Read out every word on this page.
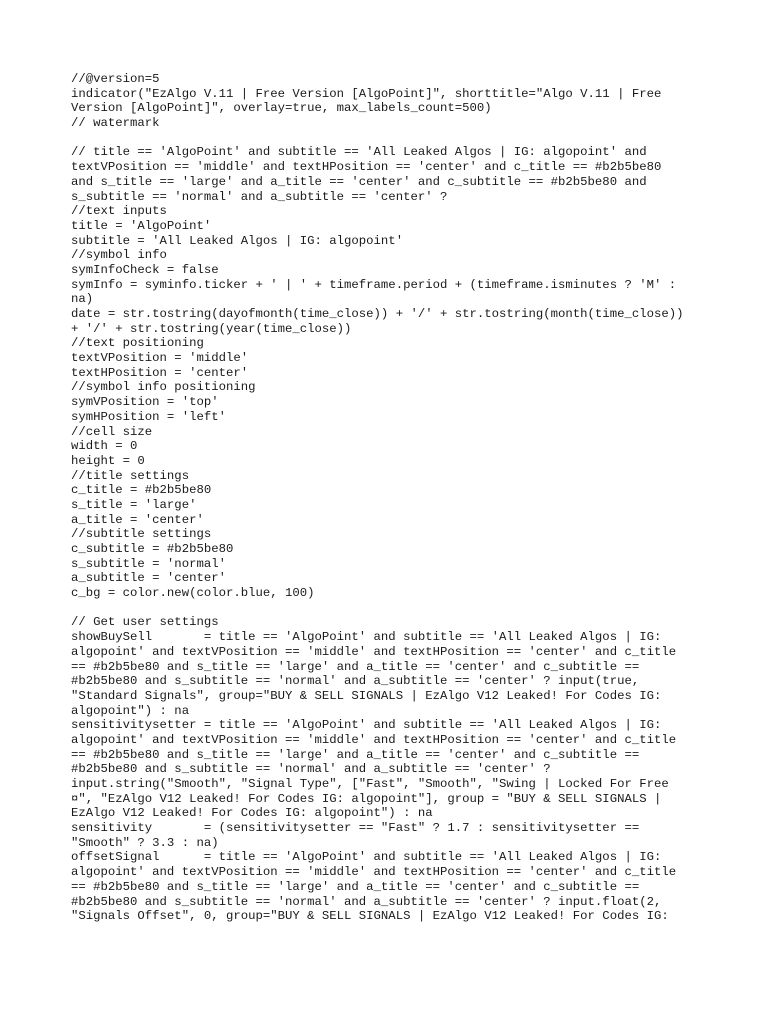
//@version=5
indicator("EzAlgo V.11 | Free Version [AlgoPoint]", shorttitle="Algo V.11 | Free
Version [AlgoPoint]", overlay=true, max_labels_count=500)
// watermark
// title == 'AlgoPoint' and subtitle == 'All Leaked Algos | IG: algopoint' and
textVPosition == 'middle' and textHPosition == 'center' and c_title == #b2b5be80
and s_title == 'large' and a_title == 'center' and c_subtitle == #b2b5be80 and
s_subtitle == 'normal' and a_subtitle == 'center' ?
//text inputs
title = 'AlgoPoint'
subtitle = 'All Leaked Algos | IG: algopoint'
//symbol info
symInfoCheck = false
symInfo = syminfo.ticker + ' | ' + timeframe.period + (timeframe.isminutes ? 'M' :
na)
date = str.tostring(dayofmonth(time_close)) + '/' + str.tostring(month(time_close))
+ '/' + str.tostring(year(time_close))
//text positioning
textVPosition = 'middle'
textHPosition = 'center'
//symbol info positioning
symVPosition = 'top'
symHPosition = 'left'
//cell size
width = 0
height = 0
//title settings
c_title = #b2b5be80
s_title = 'large'
a_title = 'center'
//subtitle settings
c_subtitle = #b2b5be80
s_subtitle = 'normal'
a_subtitle = 'center'
c_bg = color.new(color.blue, 100)
// Get user settings
showBuySell       = title == 'AlgoPoint' and subtitle == 'All Leaked Algos | IG:
algopoint' and textVPosition == 'middle' and textHPosition == 'center' and c_title
== #b2b5be80 and s_title == 'large' and a_title == 'center' and c_subtitle ==
#b2b5be80 and s_subtitle == 'normal' and a_subtitle == 'center' ? input(true,
"Standard Signals", group="BUY & SELL SIGNALS | EzAlgo V12 Leaked! For Codes IG:
algopoint") : na
sensitivitysetter = title == 'AlgoPoint' and subtitle == 'All Leaked Algos | IG:
algopoint' and textVPosition == 'middle' and textHPosition == 'center' and c_title
== #b2b5be80 and s_title == 'large' and a_title == 'center' and c_subtitle ==
#b2b5be80 and s_subtitle == 'normal' and a_subtitle == 'center' ?
input.string("Smooth", "Signal Type", ["Fast", "Smooth", "Swing | Locked For Free
¤", "EzAlgo V12 Leaked! For Codes IG: algopoint"], group = "BUY & SELL SIGNALS |
EzAlgo V12 Leaked! For Codes IG: algopoint") : na
sensitivity       = (sensitivitysetter == "Fast" ? 1.7 : sensitivitysetter ==
"Smooth" ? 3.3 : na)
offsetSignal      = title == 'AlgoPoint' and subtitle == 'All Leaked Algos | IG:
algopoint' and textVPosition == 'middle' and textHPosition == 'center' and c_title
== #b2b5be80 and s_title == 'large' and a_title == 'center' and c_subtitle ==
#b2b5be80 and s_subtitle == 'normal' and a_subtitle == 'center' ? input.float(2,
"Signals Offset", 0, group="BUY & SELL SIGNALS | EzAlgo V12 Leaked! For Codes IG:
